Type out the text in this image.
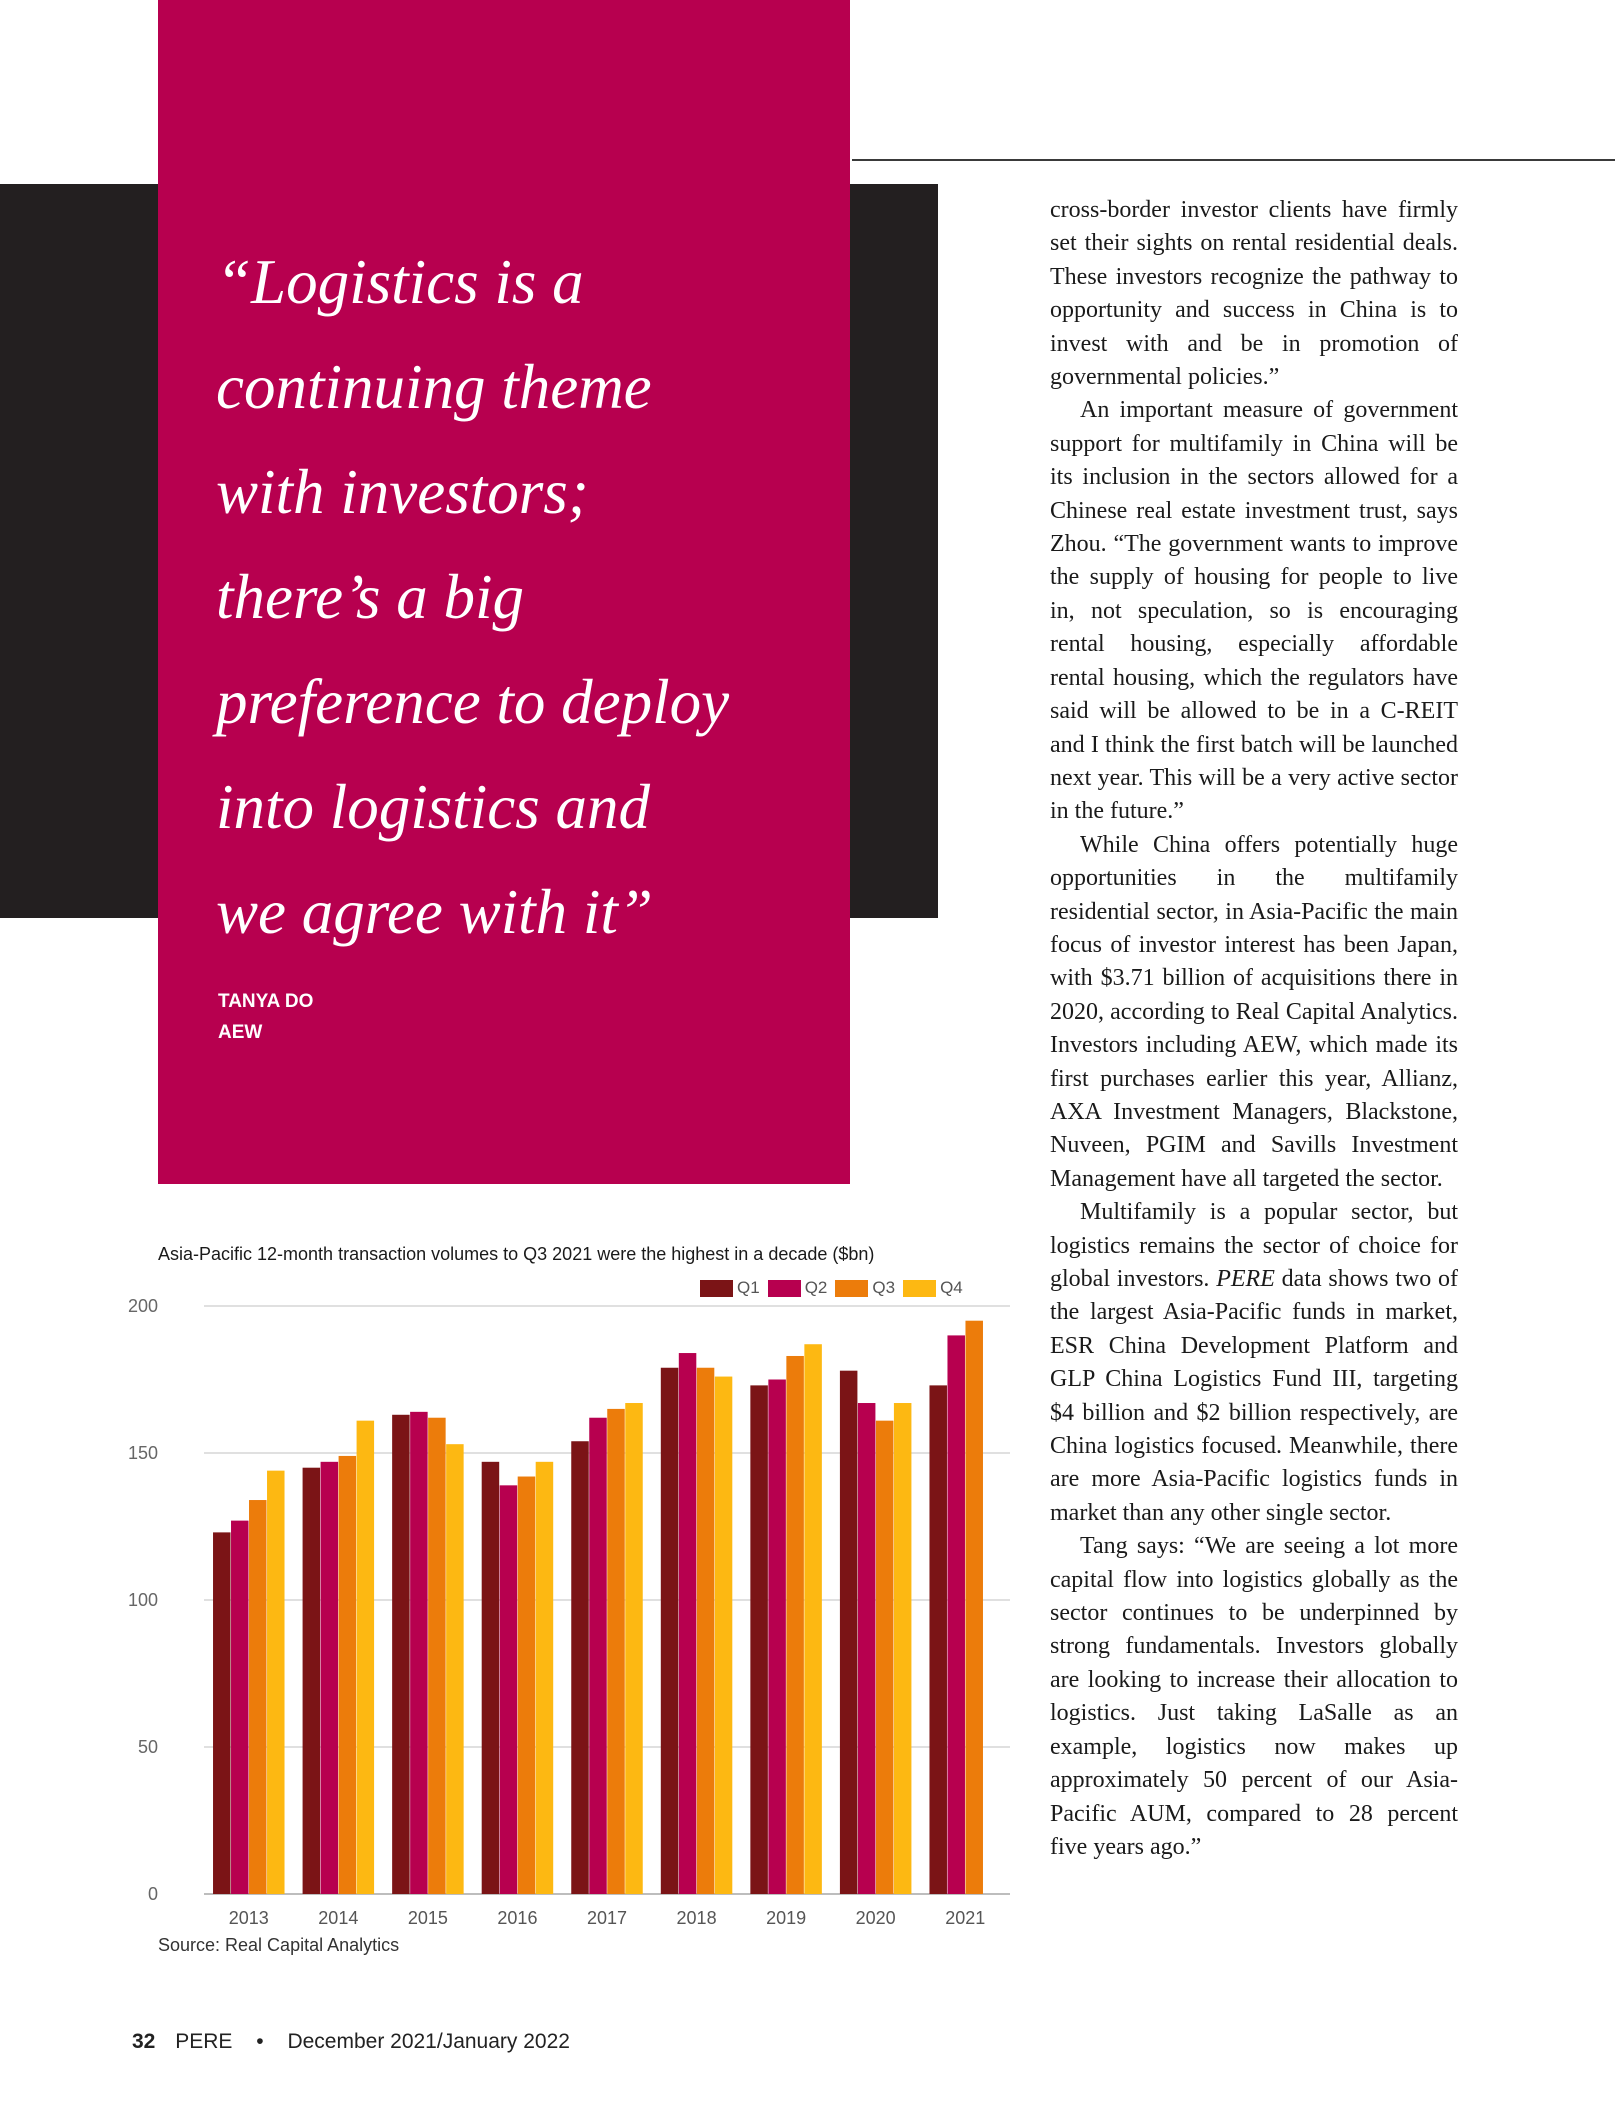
“Logistics is a
continuing theme
with investors;
there’s a big
preference to deploy
into logistics and
we agree with it”
TANYA DO
AEW

cross-border investor clients have firmly set their sights on rental residential deals. These investors recognize the pathway to opportunity and success in China is to invest with and be in promotion of governmental policies.”

An important measure of government support for multifamily in China will be its inclusion in the sectors allowed for a Chinese real estate investment trust, says Zhou. “The government wants to improve the supply of housing for people to live in, not speculation, so is encouraging rental housing, especially affordable rental housing, which the regulators have said will be allowed to be in a C-REIT and I think the first batch will be launched next year. This will be a very active sector in the future.”

While China offers potentially huge opportunities in the multifamily residential sector, in Asia-Pacific the main focus of investor interest has been Japan, with $3.71 billion of acquisitions there in 2020, according to Real Capital Analytics. Investors including AEW, which made its first purchases earlier this year, Allianz, AXA Investment Managers, Blackstone, Nuveen, PGIM and Savills Investment Management have all targeted the sector.

Multifamily is a popular sector, but logistics remains the sector of choice for global investors. PERE data shows two of the largest Asia-Pacific funds in market, ESR China Development Platform and GLP China Logistics Fund III, targeting $4 billion and $2 billion respectively, are China logistics focused. Meanwhile, there are more Asia-Pacific logistics funds in market than any other single sector.

Tang says: “We are seeing a lot more capital flow into logistics globally as the sector continues to be underpinned by strong fundamentals. Investors globally are looking to increase their allocation to logistics. Just taking LaSalle as an example, logistics now makes up approximately 50 percent of our Asia-Pacific AUM, compared to 28 percent five years ago.”

Asia-Pacific 12-month transaction volumes to Q3 2021 were the highest in a decade ($bn)
Q1	Q2	Q3	Q4
0
50
100
150
200
2013	2014	2015	2016	2017	2018	2019	2020	2021
Source: Real Capital Analytics
32 PERE • December 2021/January 2022
